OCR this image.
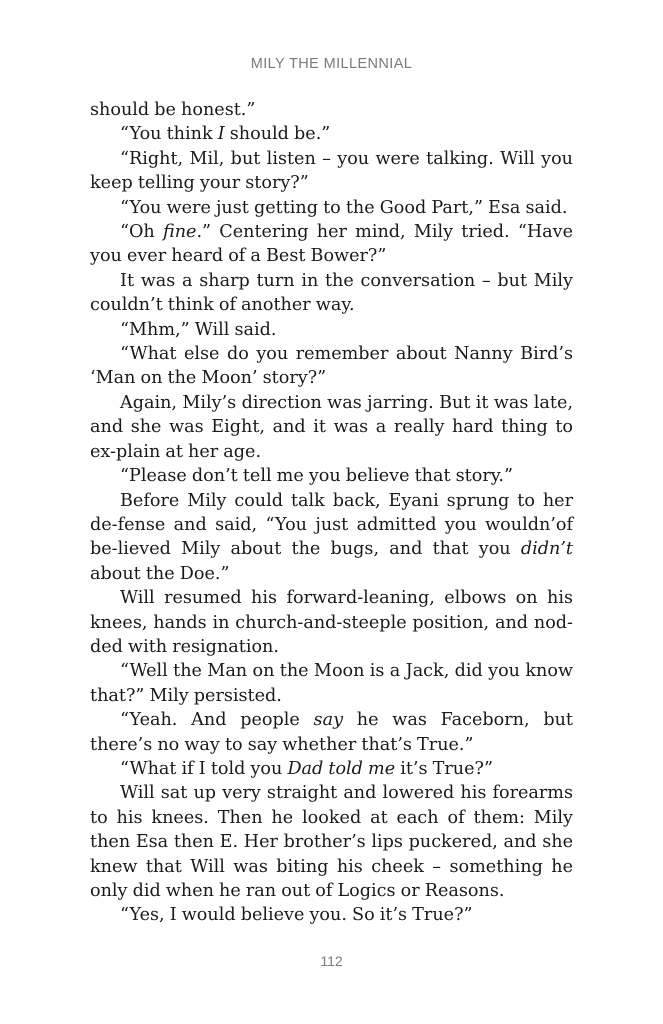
MILY THE MILLENNIAL

should be honest.”

“You think I should be.”

“Right, Mil, but listen – you were talking. Will you keep telling your story?”

“You were just getting to the Good Part,” Esa said.

“Oh fine.” Centering her mind, Mily tried. “Have you ever heard of a Best Bower?”

It was a sharp turn in the conversation – but Mily couldn’t think of another way.

“Mhm,” Will said.

“What else do you remember about Nanny Bird’s ‘Man on the Moon’ story?”

Again, Mily’s direction was jarring. But it was late, and she was Eight, and it was a really hard thing to ex-plain at her age.

“Please don’t tell me you believe that story.”

Before Mily could talk back, Eyani sprung to her de-fense and said, “You just admitted you wouldn’of be-lieved Mily about the bugs, and that you didn’t about the Doe.”

Will resumed his forward-leaning, elbows on his knees, hands in church-and-steeple position, and nod-ded with resignation.

“Well the Man on the Moon is a Jack, did you know that?” Mily persisted.

“Yeah. And people say he was Faceborn, but there’s no way to say whether that’s True.”

“What if I told you Dad told me it’s True?”

Will sat up very straight and lowered his forearms to his knees. Then he looked at each of them: Mily then Esa then E. Her brother’s lips puckered, and she knew that Will was biting his cheek – something he only did when he ran out of Logics or Reasons.

“Yes, I would believe you. So it’s True?”

112
